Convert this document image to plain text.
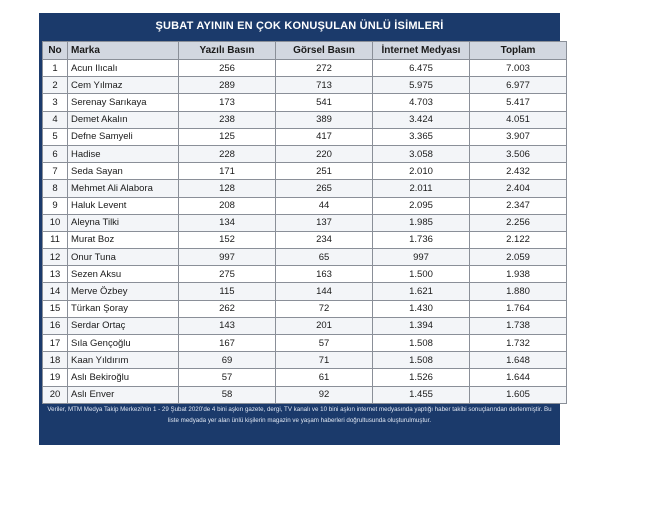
ŞUBAT AYININ EN ÇOK KONUŞULAN ÜNLÜ İSİMLERİ
No	Marka	Yazılı Basın	Görsel Basın	İnternet Medyası	Toplam
1	Acun Ilıcalı	256	272	6.475	7.003
2	Cem Yılmaz	289	713	5.975	6.977
3	Serenay Sarıkaya	173	541	4.703	5.417
4	Demet Akalın	238	389	3.424	4.051
5	Defne Samyeli	125	417	3.365	3.907
6	Hadise	228	220	3.058	3.506
7	Seda Sayan	171	251	2.010	2.432
8	Mehmet Ali Alabora	128	265	2.011	2.404
9	Haluk Levent	208	44	2.095	2.347
10	Aleyna Tilki	134	137	1.985	2.256
11	Murat Boz	152	234	1.736	2.122
12	Onur Tuna	997	65	997	2.059
13	Sezen Aksu	275	163	1.500	1.938
14	Merve Özbey	115	144	1.621	1.880
15	Türkan Şoray	262	72	1.430	1.764
16	Serdar Ortaç	143	201	1.394	1.738
17	Sıla Gençoğlu	167	57	1.508	1.732
18	Kaan Yıldırım	69	71	1.508	1.648
19	Aslı Bekiroğlu	57	61	1.526	1.644
20	Aslı Enver	58	92	1.455	1.605
Veriler, MTM Medya Takip Merkezi'nin 1 - 29 Şubat 2020'de 4 bini aşkın gazete, dergi, TV kanalı ve 10 bini aşkın internet medyasında yaptığı haber takibi sonuçlarından derlenmiştir. Bu liste medyada yer alan ünlü kişilerin magazin ve yaşam haberleri doğrultusunda oluşturulmuştur.
